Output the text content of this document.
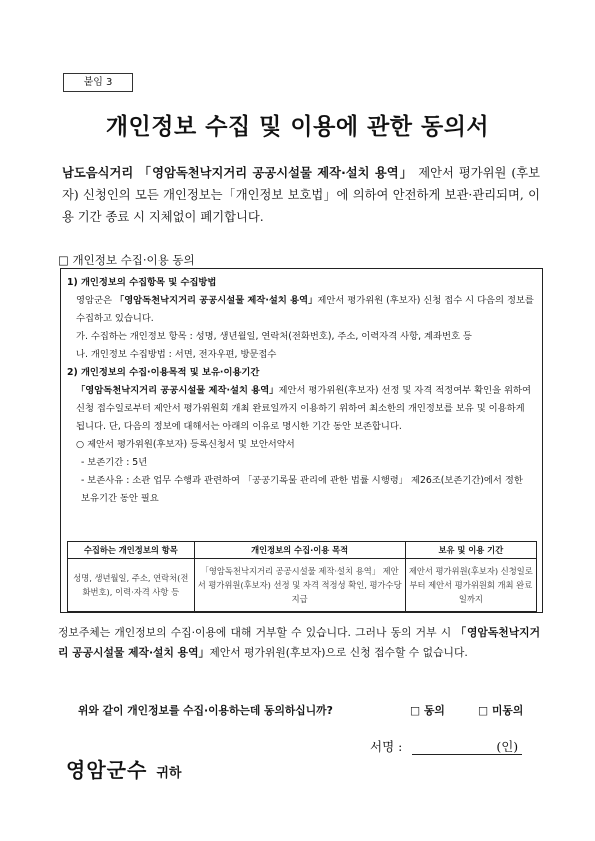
붙임 3
개인정보 수집 및 이용에 관한 동의서
남도음식거리 「영암독천낙지거리 공공시설물 제작·설치 용역」 제안서 평가위원 (후보자) 신청인의 모든 개인정보는「개인정보 보호법」에 의하여 안전하게 보관·관리되며, 이용 기간 종료 시 지체없이 폐기합니다.
□ 개인정보 수집·이용 동의

1) 개인정보의 수집항목 및 수집방법

영암군은 「영암독천낙지거리 공공시설물 제작·설치 용역」제안서 평가위원 (후보자) 신청 접수 시 다음의 정보를 수집하고 있습니다.

가. 수집하는 개인정보 항목 : 성명, 생년월일, 연락처(전화번호), 주소, 이력자격 사항, 계좌번호 등

나. 개인정보 수집방법 : 서면, 전자우편, 방문접수

2) 개인정보의 수집·이용목적 및 보유·이용기간

「영암독천낙지거리 공공시설물 제작·설치 용역」제안서 평가위원(후보자) 선정 및 자격 적정여부 확인을 위하여 신청 접수일로부터 제안서 평가위원회 개최 완료일까지 이용하기 위하여 최소한의 개인정보를 보유 및 이용하게 됩니다. 단, 다음의 정보에 대해서는 아래의 이유로 명시한 기간 동안 보존합니다.

○ 제안서 평가위원(후보자) 등록신청서 및 보안서약서

- 보존기간 : 5년

- 보존사유 : 소관 업무 수행과 관련하여 「공공기록물 관리에 관한 법률 시행령」 제26조(보존기간)에서 정한 보유기간 동안 필요

수집하는 개인정보의 항목	개인정보의 수집·이용 목적	보유 및 이용 기간
성명, 생년월일, 주소, 연락처(전화번호), 이력·자격 사항 등	「영암독천낙지거리 공공시설물 제작·설치 용역」 제안서 평가위원(후보자) 선정 및 자격 적정성 확인, 평가수당 지급	제안서 평가위원(후보자) 신청일로부터 제안서 평가위원회 개최 완료일까지
정보주체는 개인정보의 수집·이용에 대해 거부할 수 있습니다. 그러나 동의 거부 시 「영암독천낙지거리 공공시설물 제작·설치 용역」제안서 평가위원(후보자)으로 신청 접수할 수 없습니다.
위와 같이 개인정보를 수집·이용하는데 동의하십니까?	□ 동의	□ 미동의
서명 :	(인)
영암군수 귀하
